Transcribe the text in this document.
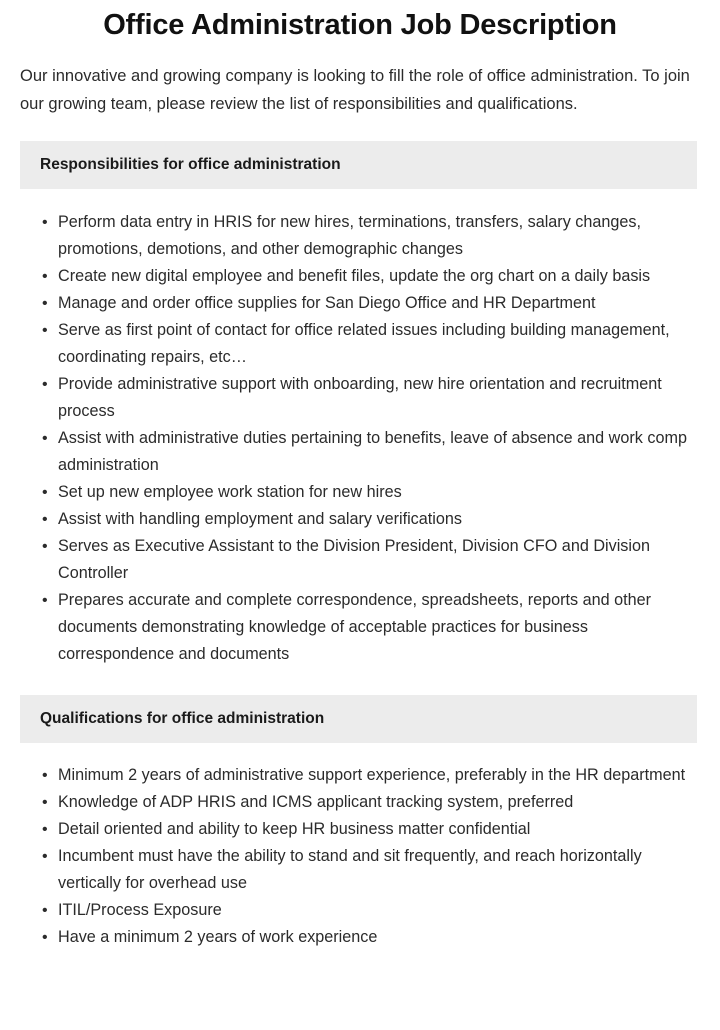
Office Administration Job Description

Our innovative and growing company is looking to fill the role of office administration. To join our growing team, please review the list of responsibilities and qualifications.

Responsibilities for office administration
• Perform data entry in HRIS for new hires, terminations, transfers, salary changes, promotions, demotions, and other demographic changes
• Create new digital employee and benefit files, update the org chart on a daily basis
• Manage and order office supplies for San Diego Office and HR Department
• Serve as first point of contact for office related issues including building management, coordinating repairs, etc…
• Provide administrative support with onboarding, new hire orientation and recruitment process
• Assist with administrative duties pertaining to benefits, leave of absence and work comp administration
• Set up new employee work station for new hires
• Assist with handling employment and salary verifications
• Serves as Executive Assistant to the Division President, Division CFO and Division Controller
• Prepares accurate and complete correspondence, spreadsheets, reports and other documents demonstrating knowledge of acceptable practices for business correspondence and documents
Qualifications for office administration
• Minimum 2 years of administrative support experience, preferably in the HR department
• Knowledge of ADP HRIS and ICMS applicant tracking system, preferred
• Detail oriented and ability to keep HR business matter confidential
• Incumbent must have the ability to stand and sit frequently, and reach horizontally vertically for overhead use
• ITIL/Process Exposure
• Have a minimum 2 years of work experience
